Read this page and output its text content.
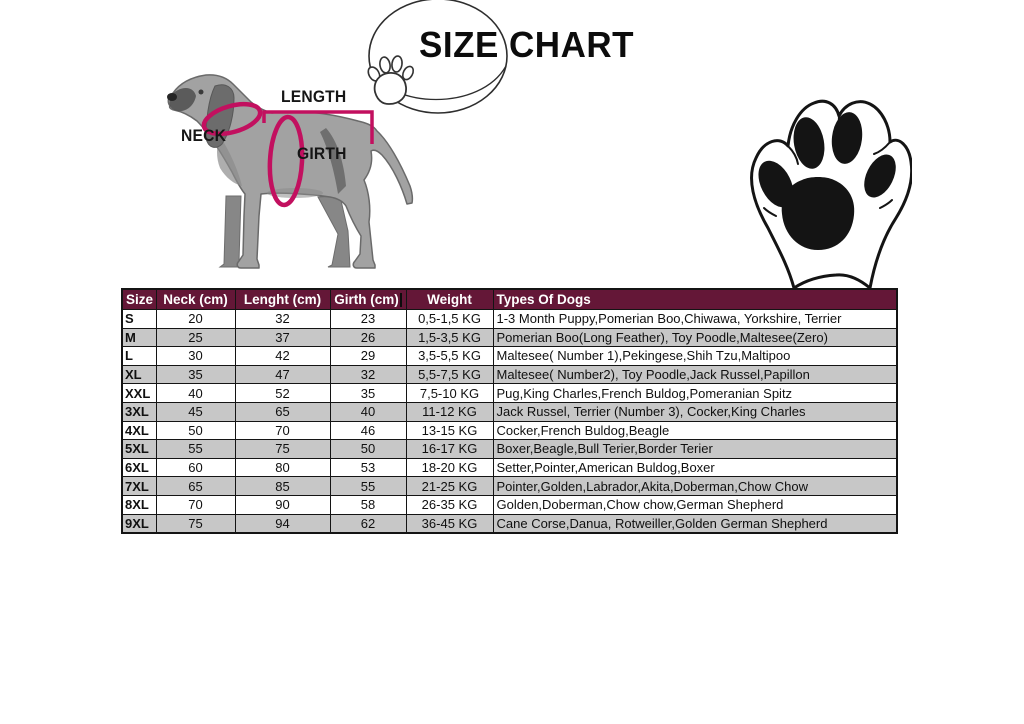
SIZE CHART
NECK
LENGTH
GIRTH
Size	Neck (cm)	Lenght (cm)	Girth (cm)	Weight	Types Of Dogs
S	20	32	23	0,5-1,5 KG	1-3 Month Puppy,Pomerian Boo,Chiwawa, Yorkshire, Terrier
M	25	37	26	1,5-3,5 KG	Pomerian Boo(Long Feather), Toy Poodle,Maltesee(Zero)
L	30	42	29	3,5-5,5 KG	Maltesee( Number 1),Pekingese,Shih Tzu,Maltipoo
XL	35	47	32	5,5-7,5 KG	Maltesee( Number2), Toy Poodle,Jack Russel,Papillon
XXL	40	52	35	7,5-10 KG	Pug,King Charles,French Buldog,Pomeranian Spitz
3XL	45	65	40	11-12 KG	Jack Russel, Terrier (Number 3), Cocker,King Charles
4XL	50	70	46	13-15 KG	Cocker,French Buldog,Beagle
5XL	55	75	50	16-17 KG	Boxer,Beagle,Bull Terier,Border Terier
6XL	60	80	53	18-20 KG	Setter,Pointer,American Buldog,Boxer
7XL	65	85	55	21-25 KG	Pointer,Golden,Labrador,Akita,Doberman,Chow Chow
8XL	70	90	58	26-35 KG	Golden,Doberman,Chow chow,German Shepherd
9XL	75	94	62	36-45 KG	Cane Corse,Danua, Rotweiller,Golden German Shepherd
